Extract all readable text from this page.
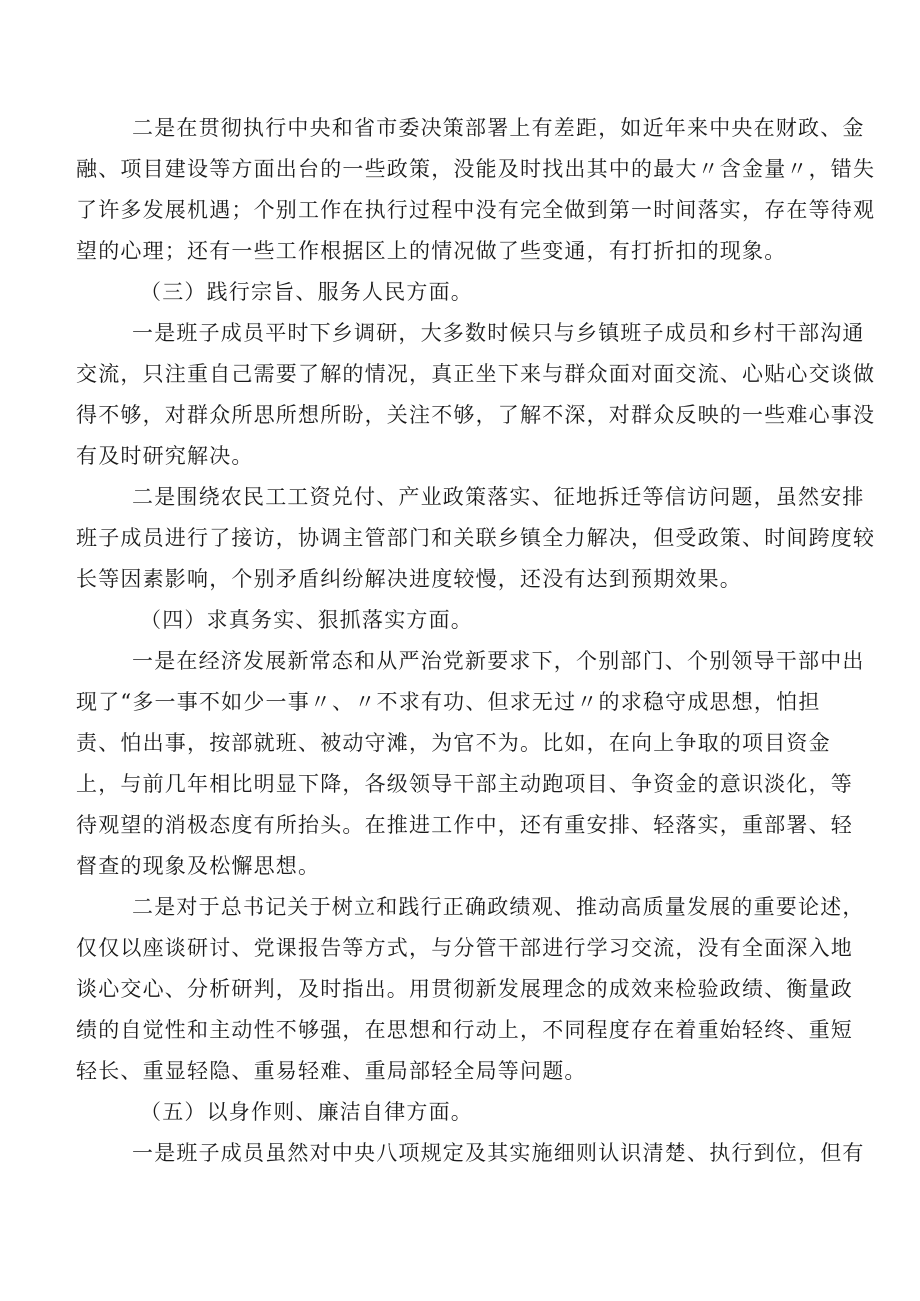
二是在贯彻执行中央和省市委决策部署上有差距，如近年来中央在财政、金
融、项目建设等方面出台的一些政策，没能及时找出其中的最大〃含金量〃，错失
了许多发展机遇；个别工作在执行过程中没有完全做到第一时间落实，存在等待观
望的心理；还有一些工作根据区上的情况做了些变通，有打折扣的现象。

（三）践行宗旨、服务人民方面。

一是班子成员平时下乡调研，大多数时候只与乡镇班子成员和乡村干部沟通
交流，只注重自己需要了解的情况，真正坐下来与群众面对面交流、心贴心交谈做
得不够，对群众所思所想所盼，关注不够，了解不深，对群众反映的一些难心事没
有及时研究解决。

二是围绕农民工工资兑付、产业政策落实、征地拆迁等信访问题，虽然安排
班子成员进行了接访，协调主管部门和关联乡镇全力解决，但受政策、时间跨度较
长等因素影响，个别矛盾纠纷解决进度较慢，还没有达到预期效果。

（四）求真务实、狠抓落实方面。

一是在经济发展新常态和从严治党新要求下，个别部门、个别领导干部中出
现了“多一事不如少一事〃、〃不求有功、但求无过〃的求稳守成思想，怕担
责、怕出事，按部就班、被动守滩，为官不为。比如，在向上争取的项目资金
上，与前几年相比明显下降，各级领导干部主动跑项目、争资金的意识淡化，等
待观望的消极态度有所抬头。在推进工作中，还有重安排、轻落实，重部署、轻
督查的现象及松懈思想。

二是对于总书记关于树立和践行正确政绩观、推动高质量发展的重要论述，
仅仅以座谈研讨、党课报告等方式，与分管干部进行学习交流，没有全面深入地
谈心交心、分析研判，及时指出。用贯彻新发展理念的成效来检验政绩、衡量政
绩的自觉性和主动性不够强，在思想和行动上，不同程度存在着重始轻终、重短
轻长、重显轻隐、重易轻难、重局部轻全局等问题。

（五）以身作则、廉洁自律方面。

一是班子成员虽然对中央八项规定及其实施细则认识清楚、执行到位，但有
